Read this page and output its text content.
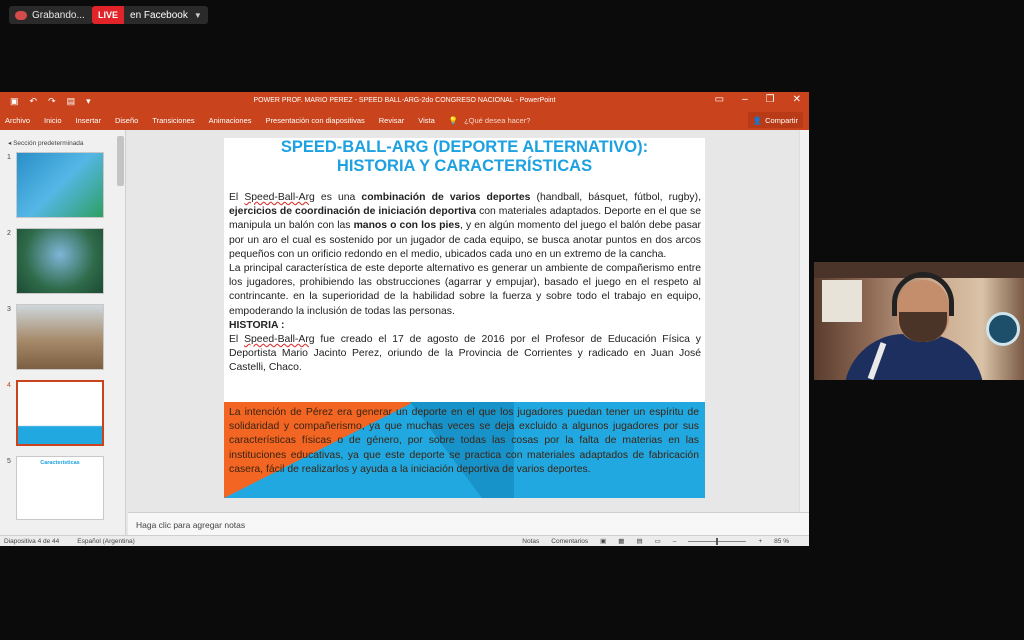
Grabando...	LIVE	en Facebook ▼
▣ ↶ ↷ ▤ ▾	POWER PROF. MARIO PEREZ - SPEED BALL-ARG-2do CONGRESO NACIONAL - PowerPoint	▭ – ❐ ✕
Archivo Inicio Insertar Diseño Transiciones Animaciones Presentación con diapositivas Revisar Vista 💡 ¿Qué desea hacer?	👤 Compartir
◂ Sección predeterminada
1
2
3
4
5	Características
SPEED-BALL-ARG (DEPORTE ALTERNATIVO):
HISTORIA Y CARACTERÍSTICAS
El Speed-Ball-Arg es una combinación de varios deportes (handball, básquet, fútbol, rugby), ejercicios de coordinación de iniciación deportiva con materiales adaptados. Deporte en el que se manipula un balón con las manos o con los pies, y en algún momento del juego el balón debe pasar por un aro el cual es sostenido por un jugador de cada equipo, se busca anotar puntos en dos arcos pequeños con un orificio redondo en el medio, ubicados cada uno en un extremo de la cancha.
La principal característica de este deporte alternativo es generar un ambiente de compañerismo entre los jugadores, prohibiendo las obstrucciones (agarrar y empujar), basado el juego en el respeto al contrincante. en la superioridad de la habilidad sobre la fuerza y sobre todo el trabajo en equipo, empoderando la inclusión de todas las personas.
HISTORIA :
El Speed-Ball-Arg fue creado el 17 de agosto de 2016 por el Profesor de Educación Física y Deportista Mario Jacinto Perez, oriundo de la Provincia de Corrientes y radicado en Juan José Castelli, Chaco.

La intención de Pérez era generar un deporte en el que los jugadores puedan tener un espíritu de solidaridad y compañerismo, ya que muchas veces se deja excluido a algunos jugadores por sus características físicas o de género, por sobre todas las cosas por la falta de materias en las instituciones educativas, ya que este deporte se practica con materiales adaptados de fabricación casera, fácil de realizarlos y ayuda a la iniciación deportiva de varios deportes.

Haga clic para agregar notas
Diapositiva 4 de 44	Español (Argentina)	Notas Comentarios ▣ ▦ ▤ ▭ –	+ 85 %
